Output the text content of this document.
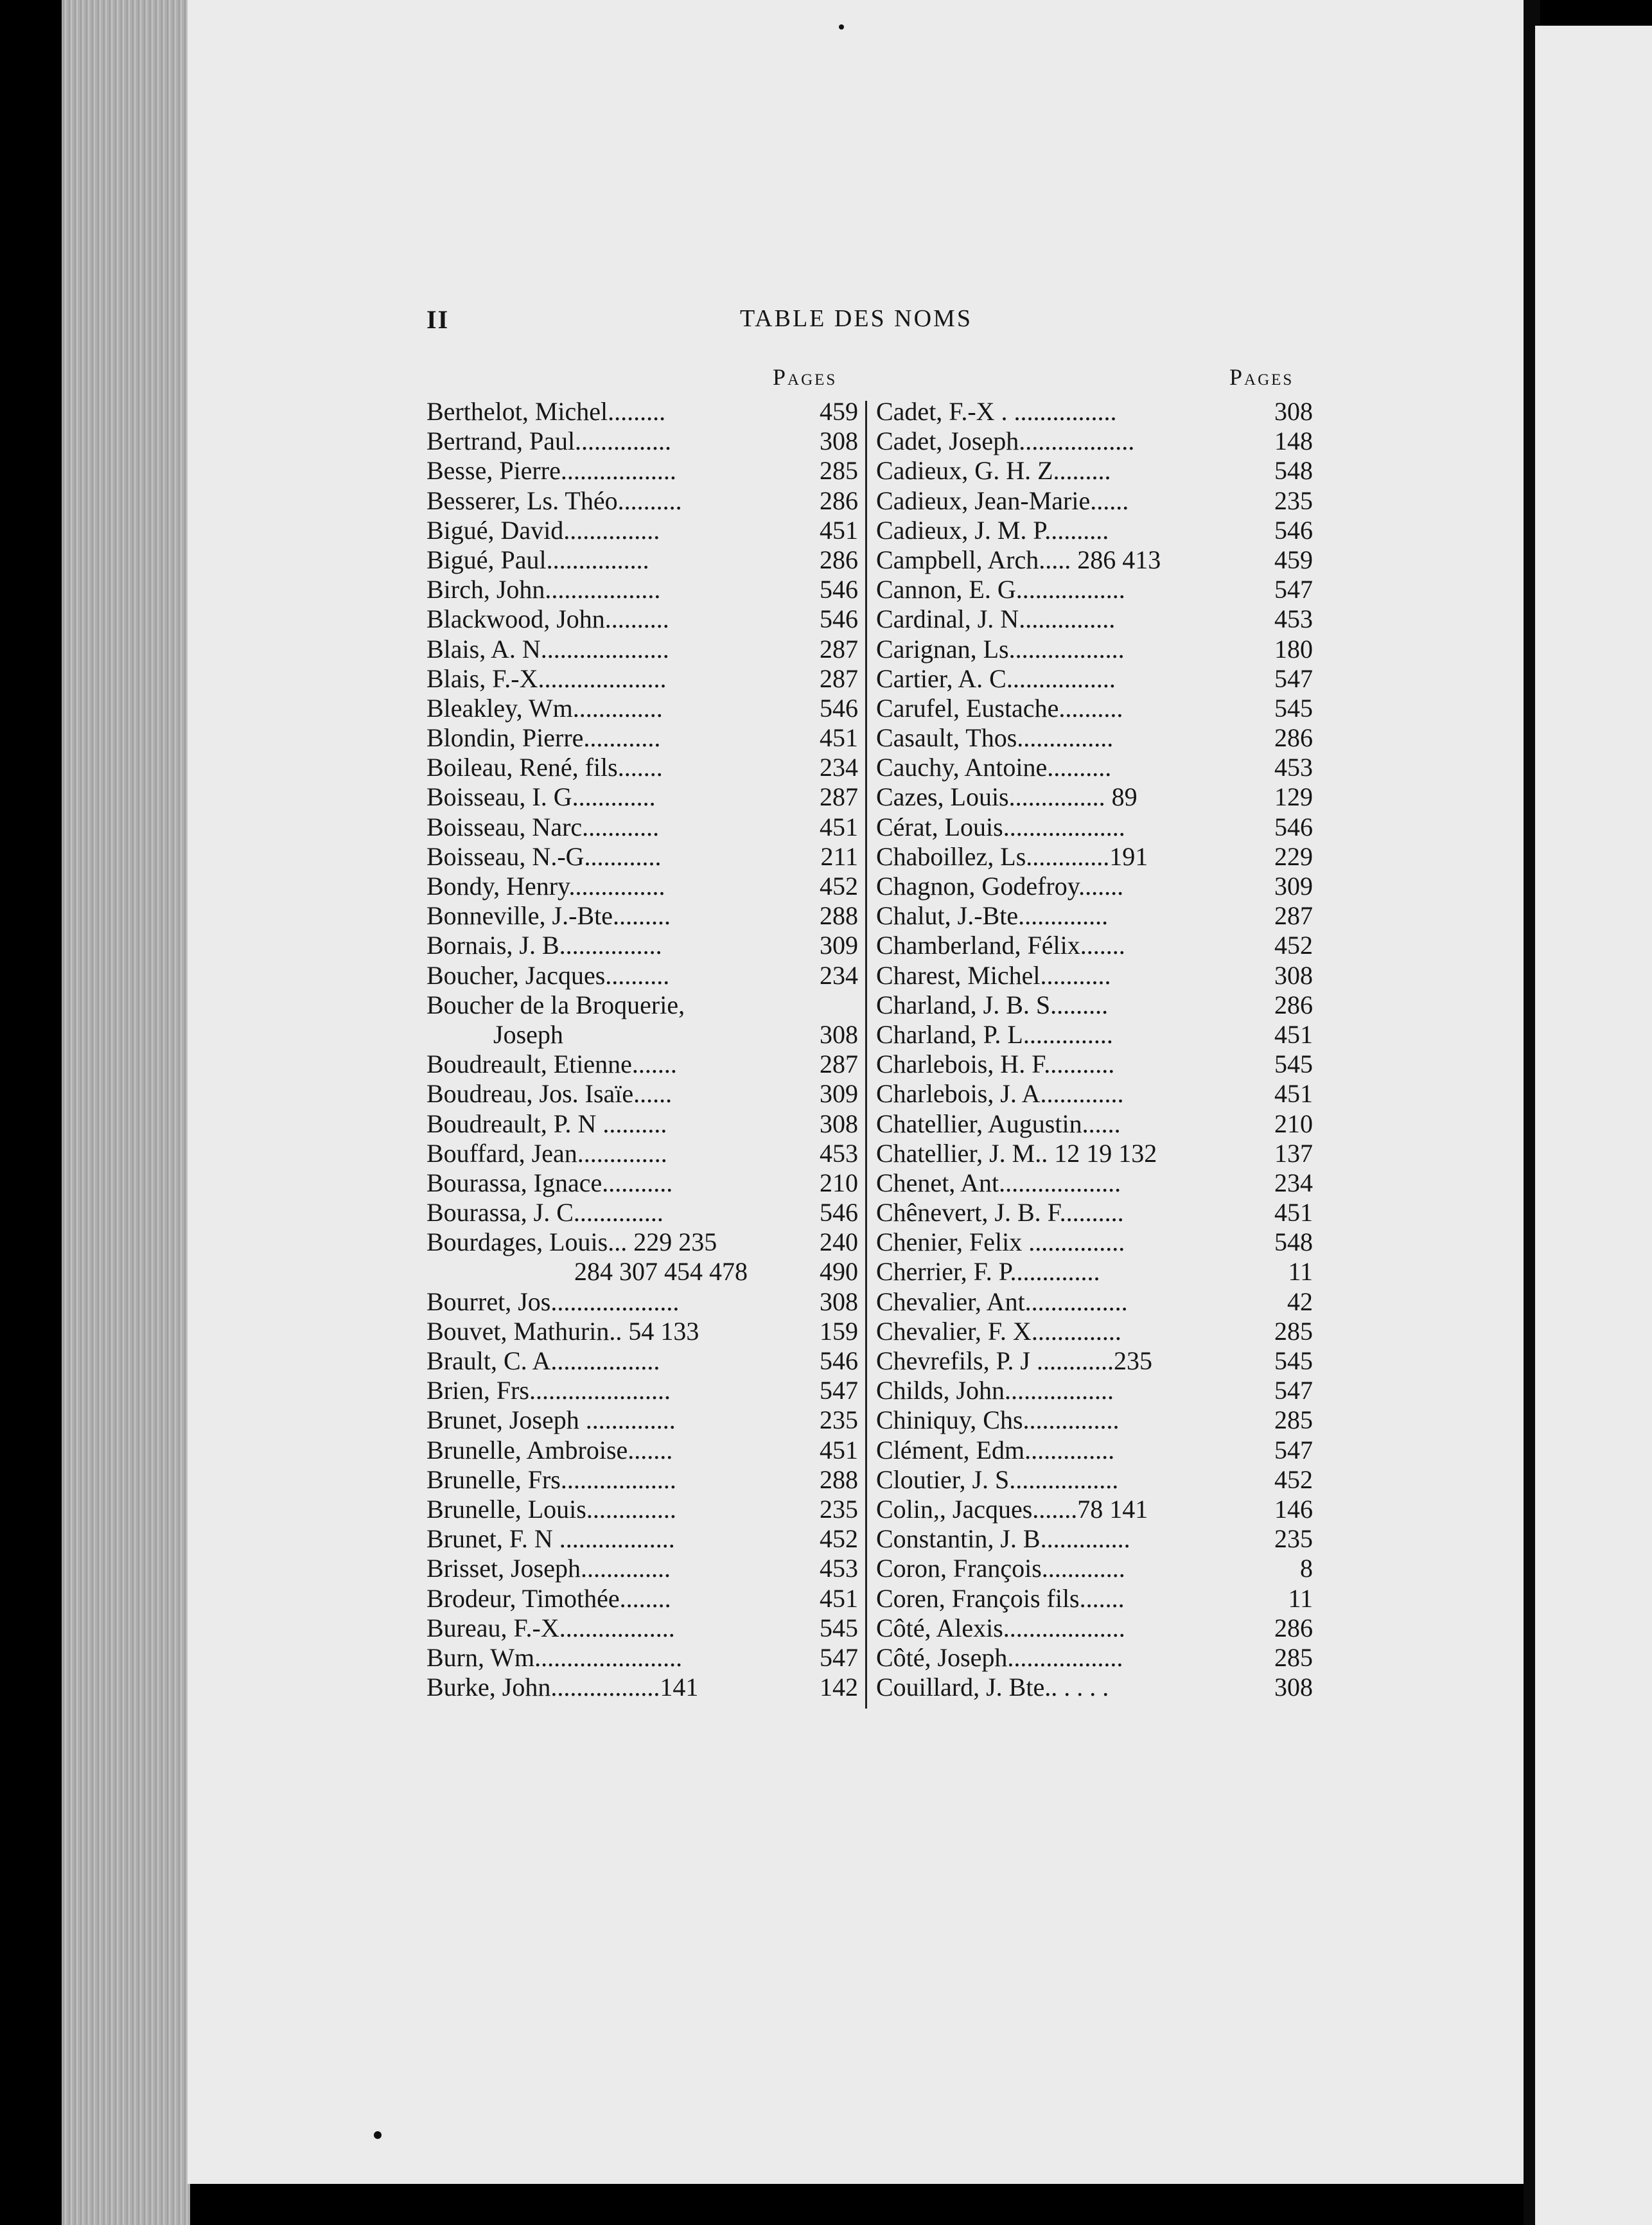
II	TABLE DES NOMS
Pages	Pages
Berthelot, Michel.........	459
Bertrand, Paul...............	308
Besse, Pierre..................	285
Besserer, Ls. Théo..........	286
Bigué, David...............	451
Bigué, Paul................	286
Birch, John..................	546
Blackwood, John..........	546
Blais, A. N....................	287
Blais, F.-X....................	287
Bleakley, Wm..............	546
Blondin, Pierre............	451
Boileau, René, fils.......	234
Boisseau, I. G.............	287
Boisseau, Narc............	451
Boisseau, N.-G............	211
Bondy, Henry...............	452
Bonneville, J.-Bte.........	288
Bornais, J. B................	309
Boucher, Jacques..........	234
Boucher de la Broquerie,
Joseph	308
Boudreault, Etienne.......	287
Boudreau, Jos. Isaïe......	309
Boudreault, P. N ..........	308
Bouffard, Jean..............	453
Bourassa, Ignace...........	210
Bourassa, J. C..............	546
Bourdages, Louis... 229 235	240
284 307 454 478	490
Bourret, Jos....................	308
Bouvet, Mathurin.. 54 133	159
Brault, C. A.................	546
Brien, Frs......................	547
Brunet, Joseph ..............	235
Brunelle, Ambroise.......	451
Brunelle, Frs..................	288
Brunelle, Louis..............	235
Brunet, F. N ..................	452
Brisset, Joseph..............	453
Brodeur, Timothée........	451
Bureau, F.-X..................	545
Burn, Wm.......................	547
Burke, John.................141	142
Cadet, F.-X . ................	308
Cadet, Joseph..................	148
Cadieux, G. H. Z.........	548
Cadieux, Jean-Marie......	235
Cadieux, J. M. P..........	546
Campbell, Arch..... 286 413	459
Cannon, E. G.................	547
Cardinal, J. N...............	453
Carignan, Ls..................	180
Cartier, A. C.................	547
Carufel, Eustache..........	545
Casault, Thos...............	286
Cauchy, Antoine..........	453
Cazes, Louis............... 89	129
Cérat, Louis...................	546
Chaboillez, Ls.............191	229
Chagnon, Godefroy.......	309
Chalut, J.-Bte..............	287
Chamberland, Félix.......	452
Charest, Michel...........	308
Charland, J. B. S.........	286
Charland, P. L..............	451
Charlebois, H. F...........	545
Charlebois, J. A.............	451
Chatellier, Augustin......	210
Chatellier, J. M.. 12 19 132	137
Chenet, Ant...................	234
Chênevert, J. B. F..........	451
Chenier, Felix ...............	548
Cherrier, F. P..............	11
Chevalier, Ant................	42
Chevalier, F. X..............	285
Chevrefils, P. J ............235	545
Childs, John.................	547
Chiniquy, Chs...............	285
Clément, Edm..............	547
Cloutier, J. S.................	452
Colin,, Jacques.......78 141	146
Constantin, J. B..............	235
Coron, François.............	8
Coren, François fils.......	11
Côté, Alexis...................	286
Côté, Joseph..................	285
Couillard, J. Bte.. . . . .	308
